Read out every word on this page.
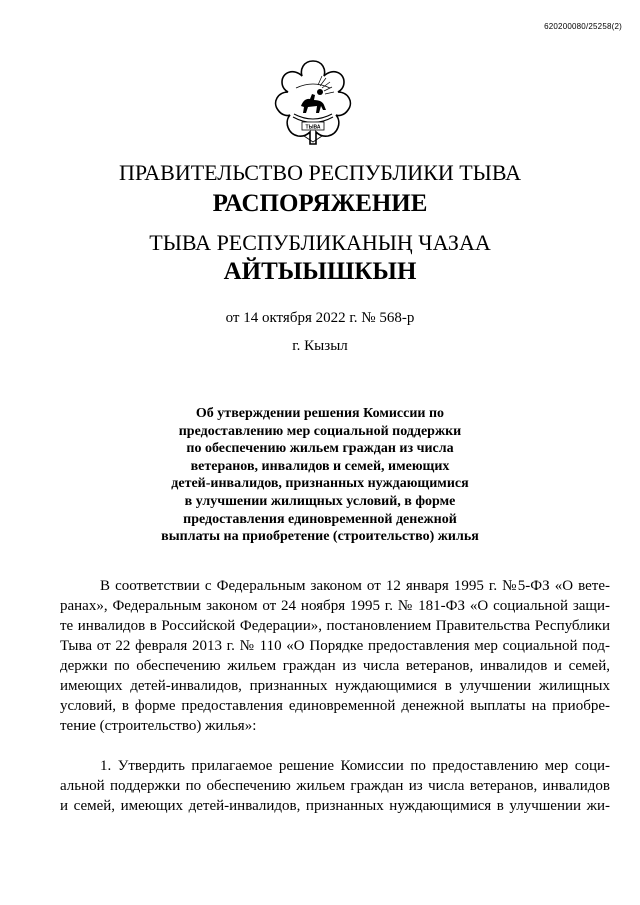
620200080/25258(2)
ТЫВА
ПРАВИТЕЛЬСТВО РЕСПУБЛИКИ ТЫВА
РАСПОРЯЖЕНИЕ
ТЫВА РЕСПУБЛИКАНЫҢ ЧАЗАА
АЙТЫЫШКЫН
от 14 октября 2022 г. № 568-р
г. Кызыл
Об утверждении решения Комиссии по
предоставлению мер социальной поддержки
по обеспечению жильем граждан из числа
ветеранов, инвалидов и семей, имеющих
детей-инвалидов, признанных нуждающимися
в улучшении жилищных условий, в форме
предоставления единовременной денежной
выплаты на приобретение (строительство) жилья
В соответствии с Федеральным законом от 12 января 1995 г. №5-ФЗ «О вете-
ранах», Федеральным законом от 24 ноября 1995 г. № 181-ФЗ «О социальной защи-
те инвалидов в Российской Федерации», постановлением Правительства Республики
Тыва от 22 февраля 2013 г. № 110 «О Порядке предоставления мер социальной под-
держки по обеспечению жильем граждан из числа ветеранов, инвалидов и семей,
имеющих детей-инвалидов, признанных нуждающимися в улучшении жилищных
условий, в форме предоставления единовременной денежной выплаты на приобре-
тение (строительство) жилья»:
1. Утвердить прилагаемое решение Комиссии по предоставлению мер соци-
альной поддержки по обеспечению жильем граждан из числа ветеранов, инвалидов
и семей, имеющих детей-инвалидов, признанных нуждающимися в улучшении жи-
